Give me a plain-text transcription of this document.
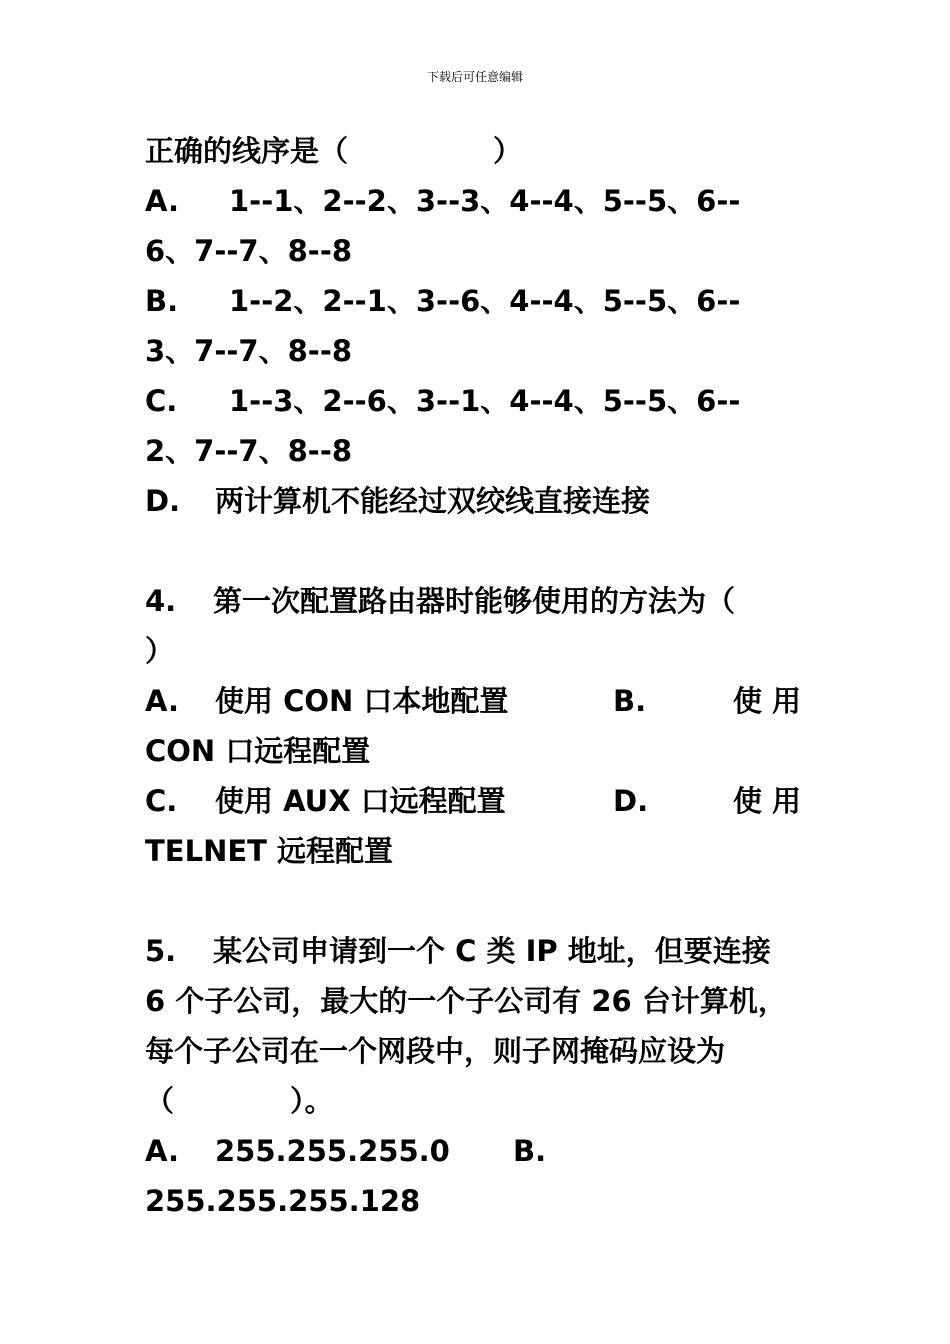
下载后可任意编辑
正确的线序是（　　　　　）
A. 1--1、2--2、3--3、4--4、5--5、6--
6、7--7、8--8
B. 1--2、2--1、3--6、4--4、5--5、6--
3、7--7、8--8
C. 1--3、2--6、3--1、4--4、5--5、6--
2、7--7、8--8
D. 两计算机不能经过双绞线直接连接
4. 第一次配置路由器时能够使用的方法为（
）
A. 使用 CON 口本地配置	B.	使用
CON 口远程配置
C. 使用 AUX 口远程配置	D.	使用
TELNET 远程配置
5. 某公司申请到一个 C 类 IP 地址，但要连接
6 个子公司，最大的一个子公司有 26 台计算机，
每个子公司在一个网段中，则子网掩码应设为
（　　　　）。
A. 255.255.255.0 B.
255.255.255.128
